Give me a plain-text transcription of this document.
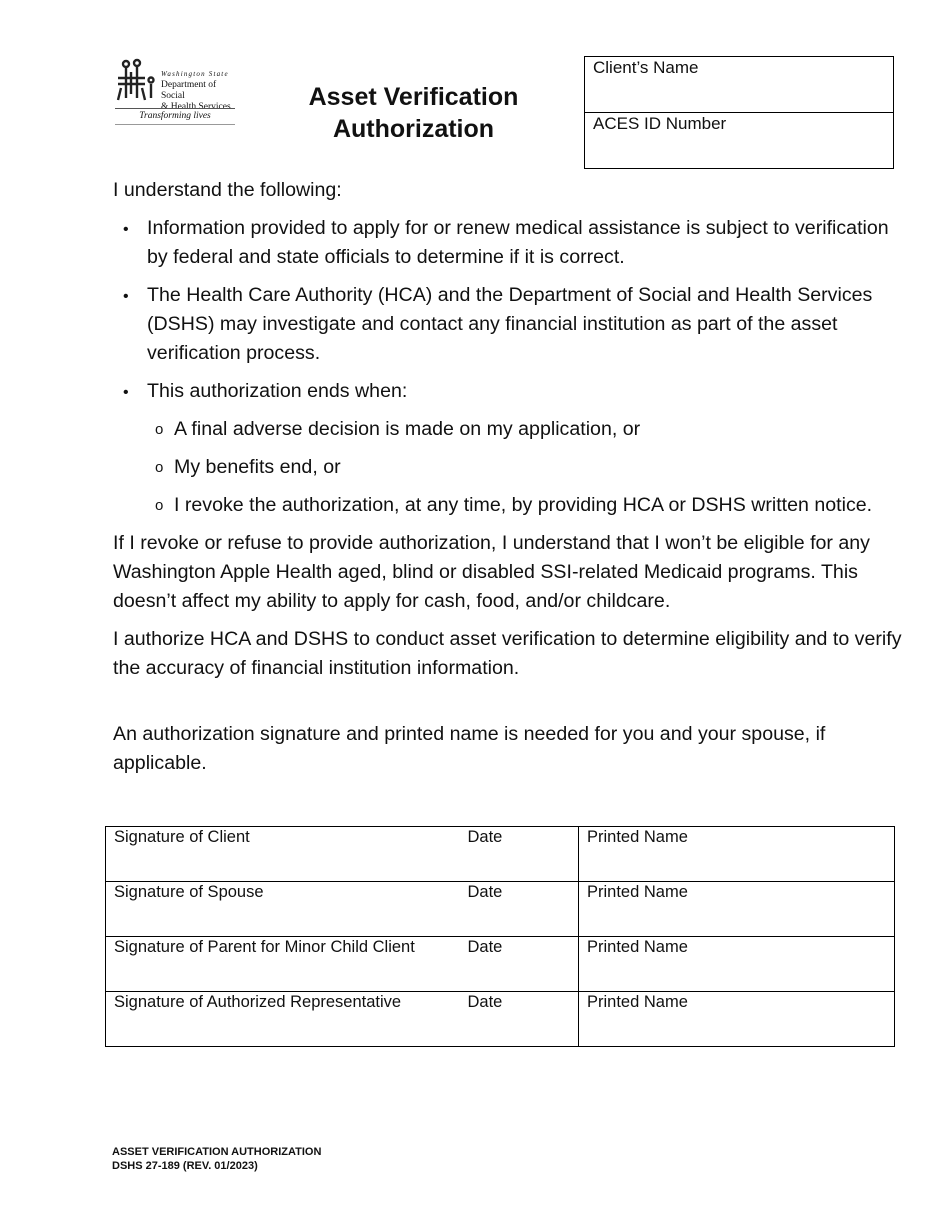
Washington State
Department of Social
& Health Services
Transforming lives
Asset Verification
Authorization
Client’s Name
ACES ID Number

I understand the following:

• Information provided to apply for or renew medical assistance is subject to verification by federal and state officials to determine if it is correct.
• The Health Care Authority (HCA) and the Department of Social and Health Services (DSHS) may investigate and contact any financial institution as part of the asset verification process.
• This authorization ends when:
o A final adverse decision is made on my application, or
o My benefits end, or
o I revoke the authorization, at any time, by providing HCA or DSHS written notice.

If I revoke or refuse to provide authorization, I understand that I won’t be eligible for any Washington Apple Health aged, blind or disabled SSI-related Medicaid programs. This doesn’t affect my ability to apply for cash, food, and/or childcare.

I authorize HCA and DSHS to conduct asset verification to determine eligibility and to verify the accuracy of financial institution information.

An authorization signature and printed name is needed for you and your spouse, if applicable.

Signature of Client	Date	Printed Name
Signature of Spouse	Date	Printed Name
Signature of Parent for Minor Child Client	Date	Printed Name
Signature of Authorized Representative	Date	Printed Name
ASSET VERIFICATION AUTHORIZATION
DSHS 27-189 (REV. 01/2023)
